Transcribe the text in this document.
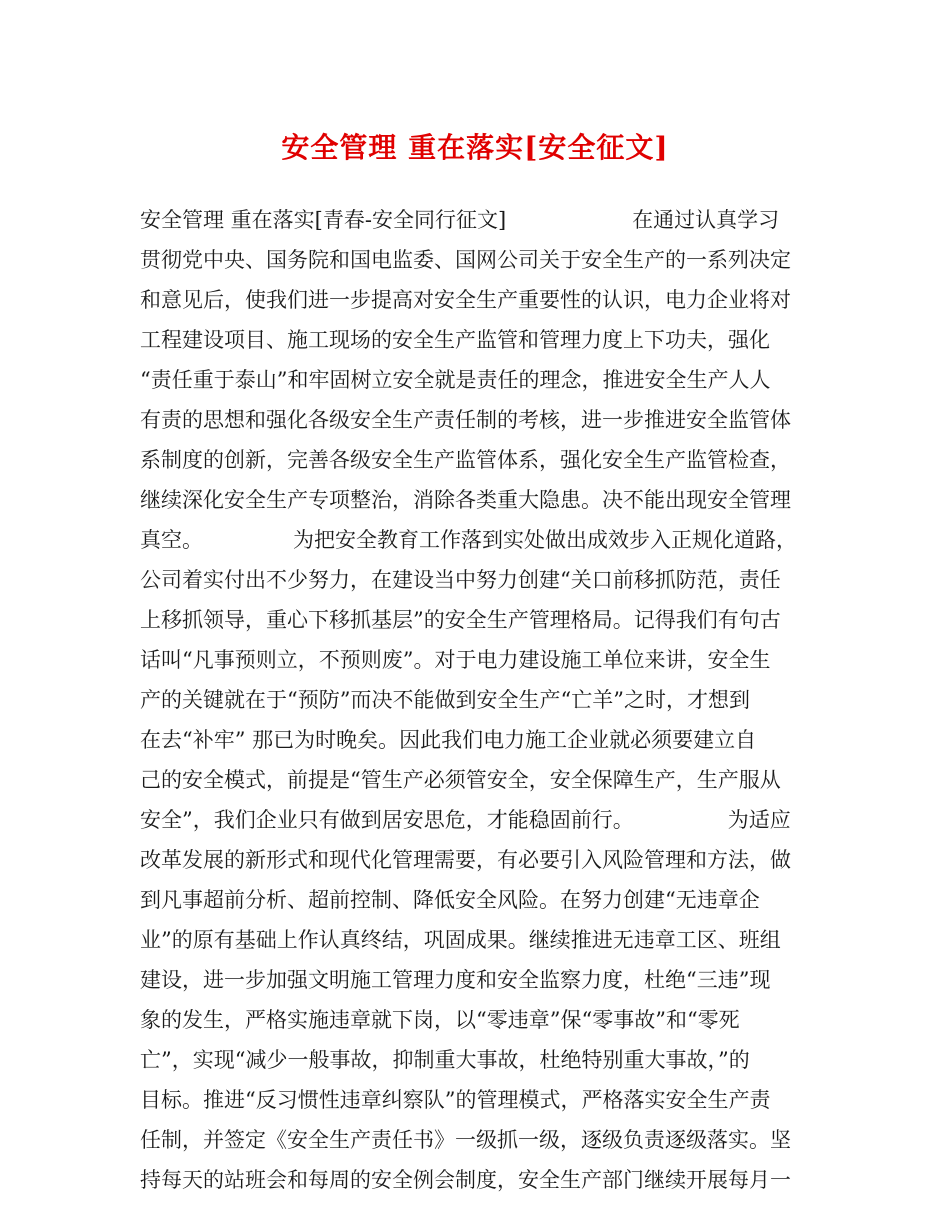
安全管理 重在落实[安全征文]
安全管理 重在落实[青春-安全同行征文]	在通过认真学习
贯彻党中央、国务院和国电监委、国网公司关于安全生产的一系列决定
和意见后，使我们进一步提高对安全生产重要性的认识，电力企业将对
工程建设项目、施工现场的安全生产监管和管理力度上下功夫，强化
“责任重于泰山”和牢固树立安全就是责任的理念，推进安全生产人人
有责的思想和强化各级安全生产责任制的考核，进一步推进安全监管体
系制度的创新，完善各级安全生产监管体系，强化安全生产监管检查，
继续深化安全生产专项整治，消除各类重大隐患。决不能出现安全管理
真空。	为把安全教育工作落到实处做出成效步入正规化道路，
公司着实付出不少努力，在建设当中努力创建“关口前移抓防范，责任
上移抓领导，重心下移抓基层”的安全生产管理格局。记得我们有句古
话叫“凡事预则立，不预则废”。对于电力建设施工单位来讲，安全生
产的关键就在于“预防”而决不能做到安全生产“亡羊”之时，才想到
在去“补牢” 那已为时晚矣。因此我们电力施工企业就必须要建立自
己的安全模式，前提是“管生产必须管安全，安全保障生产，生产服从
安全”，我们企业只有做到居安思危，才能稳固前行。	为适应
改革发展的新形式和现代化管理需要，有必要引入风险管理和方法，做
到凡事超前分析、超前控制、降低安全风险。在努力创建“无违章企
业”的原有基础上作认真终结，巩固成果。继续推进无违章工区、班组
建设，进一步加强文明施工管理力度和安全监察力度，杜绝“三违”现
象的发生，严格实施违章就下岗，以“零违章”保“零事故”和“零死
亡”，实现“减少一般事故，抑制重大事故，杜绝特别重大事故，”的
目标。推进“反习惯性违章纠察队”的管理模式，严格落实安全生产责
任制，并签定《安全生产责任书》一级抓一级，逐级负责逐级落实。坚
持每天的站班会和每周的安全例会制度，安全生产部门继续开展每月一
